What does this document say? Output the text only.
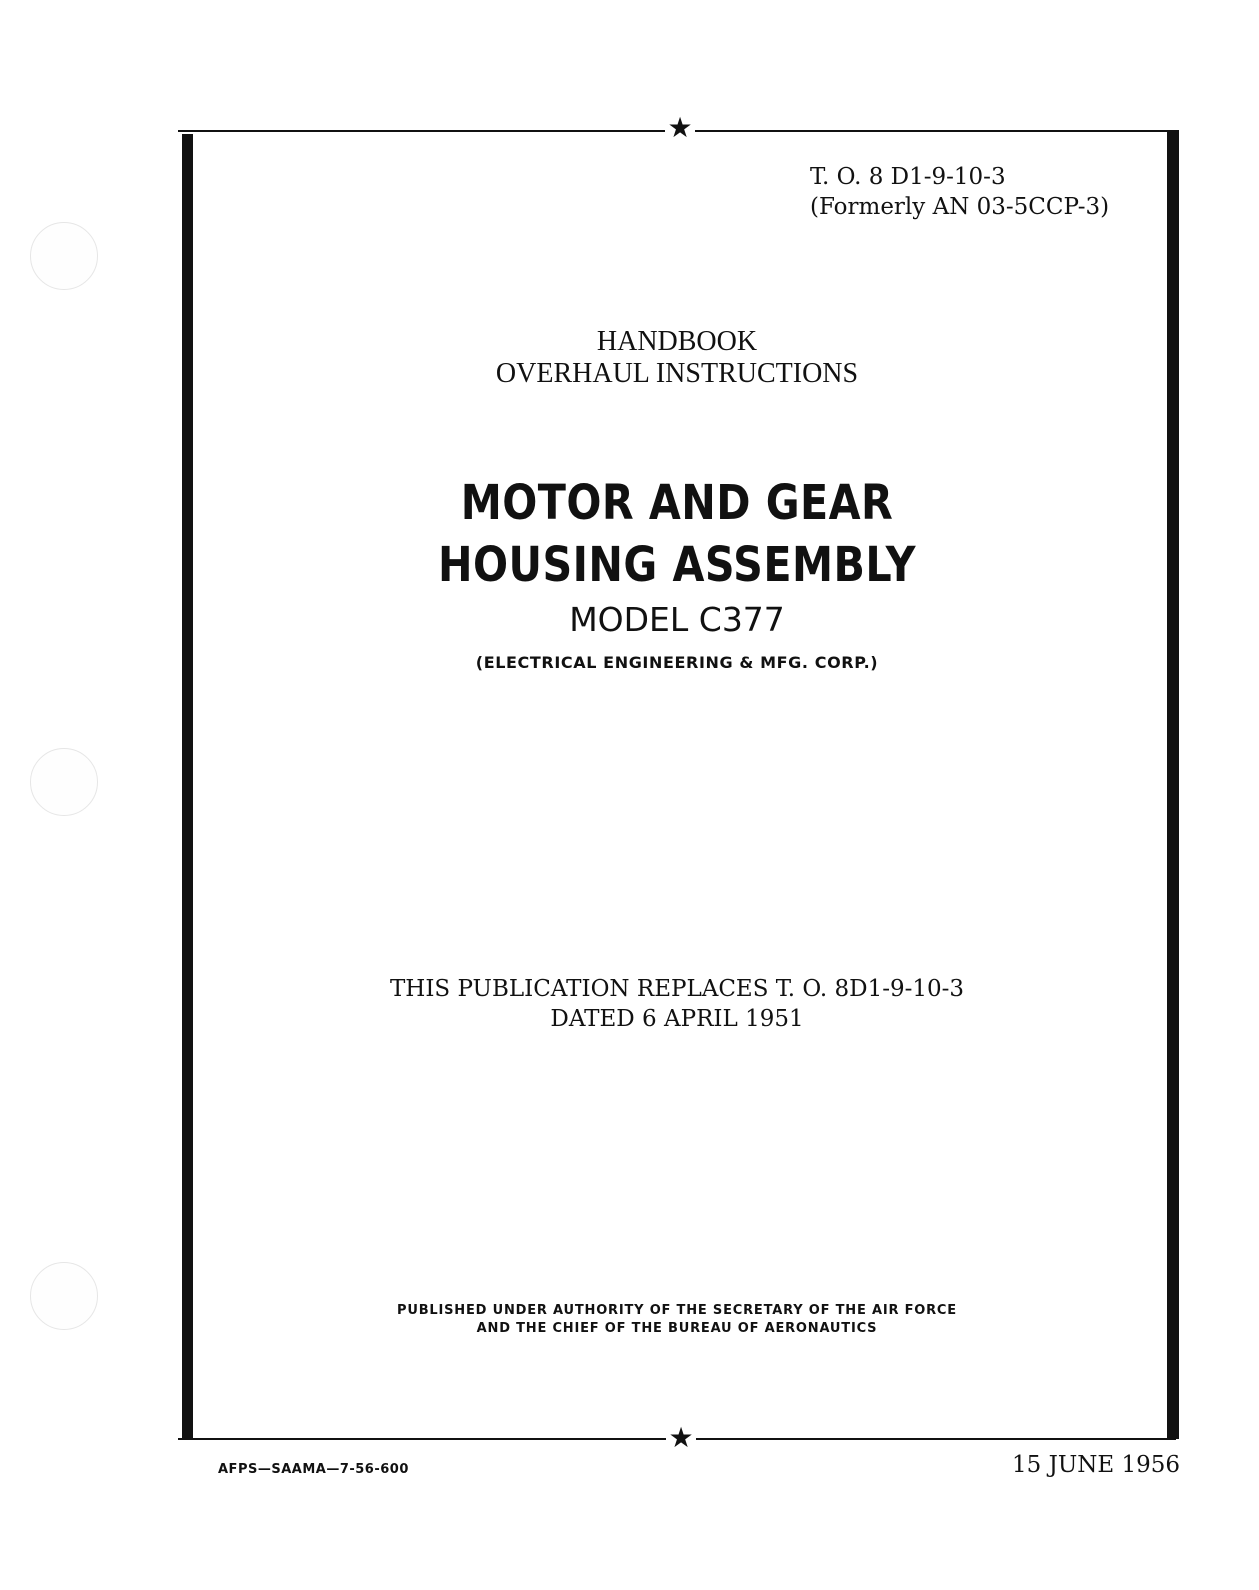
★
★
T. O. 8 D1-9-10-3
(Formerly AN 03-5CCP-3)
HANDBOOK
OVERHAUL INSTRUCTIONS
MOTOR AND GEAR
HOUSING ASSEMBLY
MODEL C377
(ELECTRICAL ENGINEERING & MFG. CORP.)
THIS PUBLICATION REPLACES T. O. 8D1-9-10-3
DATED 6 APRIL 1951
PUBLISHED UNDER AUTHORITY OF THE SECRETARY OF THE AIR FORCE
AND THE CHIEF OF THE BUREAU OF AERONAUTICS
AFPS—SAAMA—7-56-600	15 JUNE 1956
